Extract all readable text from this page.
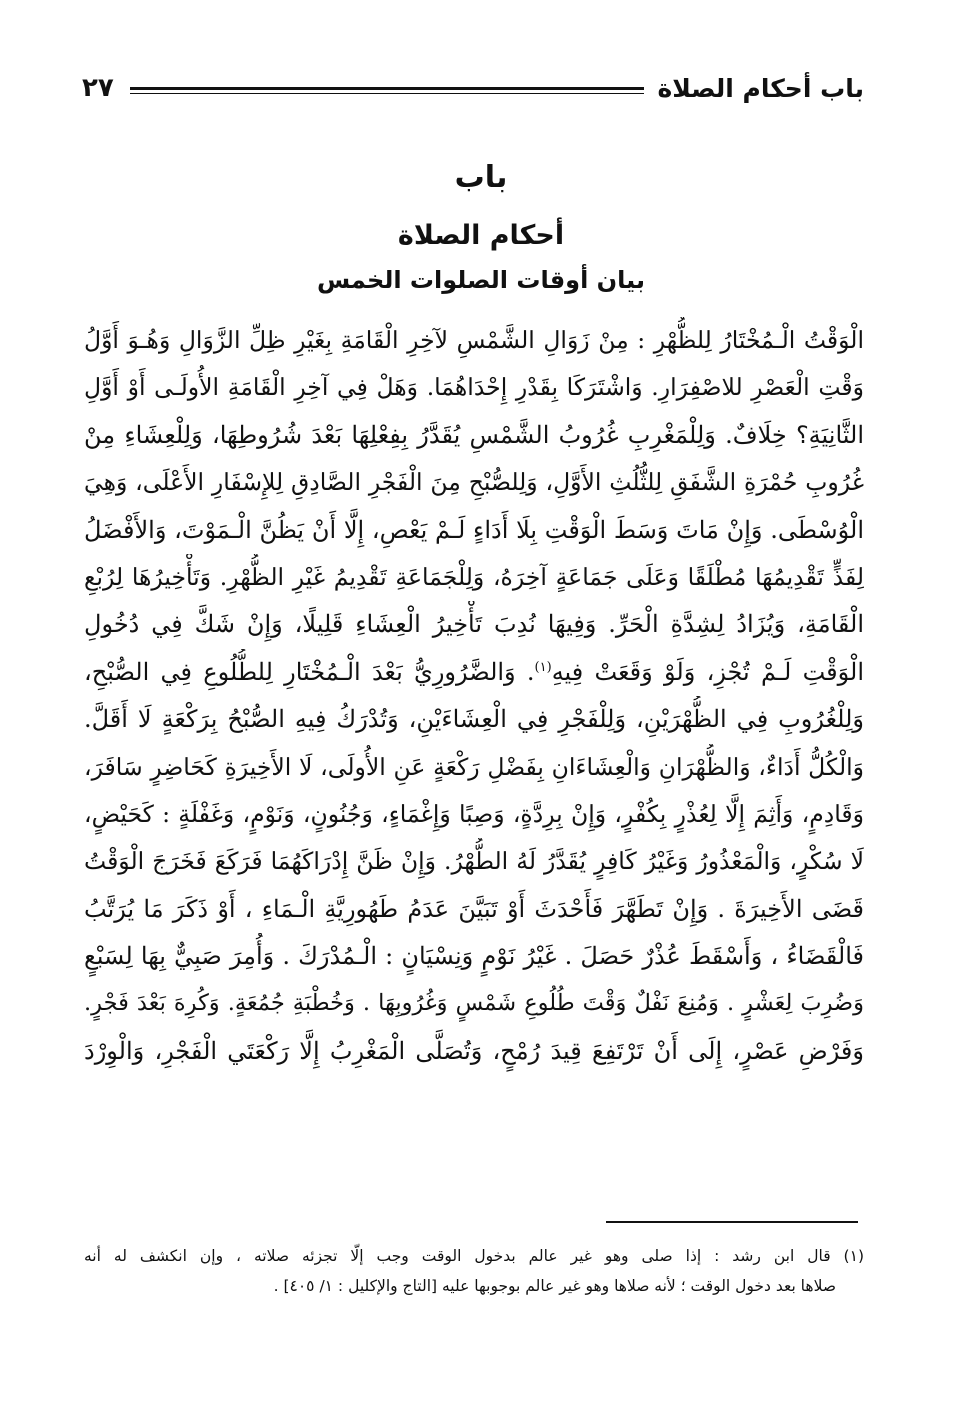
باب أحكام الصلاة
٢٧
باب
أحكام الصلاة
بيان أوقات الصلوات الخمس
الْوَقْتُ الْـمُخْتَارُ لِلظُّهْرِ : مِنْ زَوَالِ الشَّمْسِ لآخِرِ الْقَامَةِ بِغَيْرِ ظِلِّ الزَّوَالِ وَهُـوَ أَوَّلُ
وَقْتِ الْعَصْرِ للاصْفِرَارِ. وَاشْتَرَكَا بِقَدْرِ إِحْدَاهُمَا. وَهَلْ فِي آخِرِ الْقَامَةِ الأُولَـى أَوْ أَوَّلِ
الثَّانِيَةِ؟ خِلَافٌ. وَلِلْمَغْرِبِ غُرُوبُ الشَّمْسِ يُقَدَّرُ بِفِعْلِهَا بَعْدَ شُرُوطِهَا، وَلِلْعِشَاءِ مِنْ
غُرُوبِ حُمْرَةِ الشَّفَقِ لِلثُّلُثِ الأَوَّلِ، وَلِلصُّبْحِ مِنَ الْفَجْرِ الصَّادِقِ لِلإِسْفَارِ الأَعْلَى، وَهِيَ
الْوُسْطَى. وَإِنْ مَاتَ وَسَطَ الْوَقْتِ بِلَا أَدَاءٍ لَـمْ يَعْصِ، إِلَّا أَنْ يَظُنَّ الْـمَوْتَ، وَالأَفْضَلُ
لِفَذٍّ تَقْدِيمُهَا مُطْلَقًا وَعَلَى جَمَاعَةٍ آخِرَهُ، وَلِلْجَمَاعَةِ تَقْدِيمُ غَيْرِ الظُّهْرِ. وَتَأْخِيرُهَا لِرُبْعِ
الْقَامَةِ، وَيُزَادُ لِشِدَّةِ الْحَرِّ. وَفِيهَا نُدِبَ تَأْخِيرُ الْعِشَاءِ قَلِيلًا، وَإِنْ شَكَّ فِي دُخُولِ
الْوَقْتِ لَـمْ تُجْزِ، وَلَوْ وَقَعَتْ فِيهِ$^{(١)}$. وَالضَّرُورِيُّ بَعْدَ الْـمُخْتَارِ لِلطُّلُوعِ فِي الصُّبْحِ،
وَلِلْغُرُوبِ فِي الظُّهْرَيْنِ، وَلِلْفَجْرِ فِي الْعِشَاءَيْنِ، وَتُدْرَكُ فِيهِ الصُّبْحُ بِرَكْعَةٍ لَا أَقَلَّ.
وَالْكُلُّ أَدَاءٌ، وَالظُّهْرَانِ وَالْعِشَاءَانِ بِفَضْلِ رَكْعَةٍ عَنِ الأُولَى، لَا الأَخِيرَةِ كَحَاضِرٍ سَافَرَ،
وَقَادِمٍ، وَأَثِمَ إِلَّا لِعُذْرٍ بِكُفْرٍ، وَإِنْ بِرِدَّةٍ، وَصِبًا وَإِغْمَاءٍ، وَجُنُونٍ، وَنَوْمٍ، وَغَفْلَةٍ : كَحَيْضٍ،
لَا سُكْرٍ، وَالْمَعْذُورُ وَغَيْرُ كَافِرٍ يُقَدَّرُ لَهُ الطُّهْرُ. وَإِنْ ظَنَّ إِدْرَاكَهُمَا فَرَكَعَ فَخَرَجَ الْوَقْتُ
قَضَى الأَخِيرَةَ . وَإِنْ تَطَهَّرَ فَأَحْدَثَ أَوْ تَبَيَّنَ عَدَمُ طَهُورِيَّةِ الْـمَاءِ ، أَوْ ذَكَرَ مَا يُرَتَّبُ
فَالْقَضَاءُ ، وَأَسْقَطَ عُذْرٌ حَصَلَ . غَيْرُ نَوْمٍ وَنِسْيَانٍ : الْـمُدْرَكَ . وَأُمِرَ صَبِيٌّ بِهَا لِسَبْعٍ
وَضُرِبَ لِعَشْرٍ . وَمُنِعَ نَفْلٌ وَقْتَ طُلُوعِ شَمْسٍ وَغُرُوبِهَا . وَخُطْبَةِ جُمُعَةٍ. وَكُرِهَ بَعْدَ فَجْرٍ.
وَفَرْضِ عَصْرٍ، إِلَى أَنْ تَرْتَفِعَ قِيدَ رُمْحٍ، وَتُصَلَّى الْمَغْرِبُ إِلَّا رَكْعَتَي الْفَجْرِ، وَالْوِرْدَ
(١) قال ابن رشد : إذا صلى وهو غير عالم بدخول الوقت وجب إلّا تجزئه صلاته ، وإن انكشف له أنه
صلاها بعد دخول الوقت ؛ لأنه صلاها وهو غير عالم بوجوبها عليه [التاج والإكليل : ١/ ٤٠٥] .
